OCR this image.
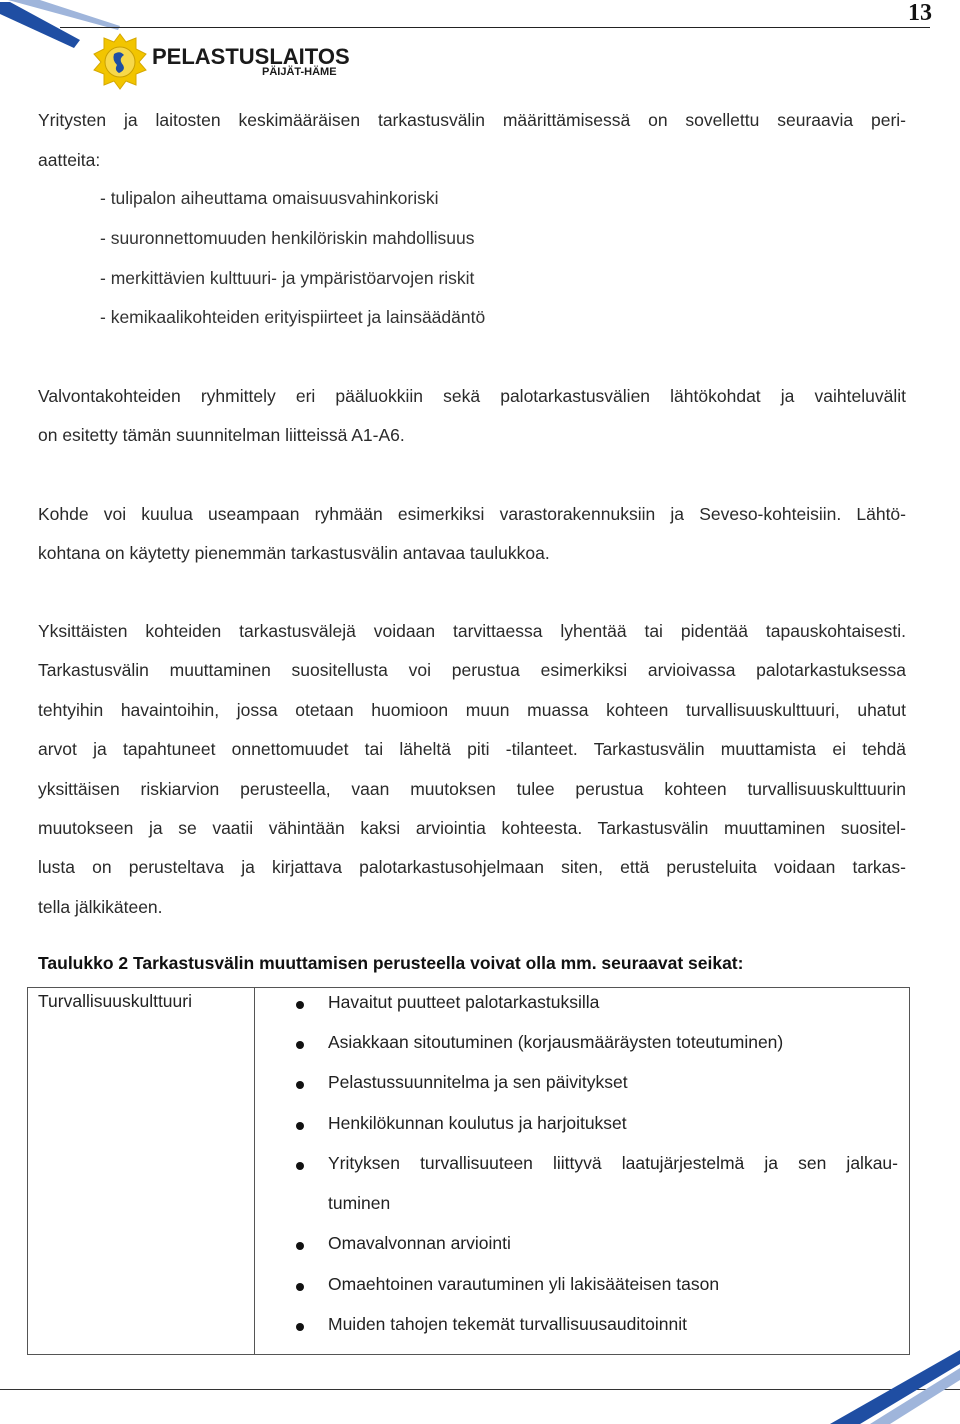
13
PELASTUSLAITOS
PÄIJÄT-HÄME
Yritysten ja laitosten keskimääräisen tarkastusvälin määrittämisessä on sovellettu seuraavia peri-
aatteita:
- tulipalon aiheuttama omaisuusvahinkoriski
- suuronnettomuuden henkilöriskin mahdollisuus
- merkittävien kulttuuri- ja ympäristöarvojen riskit
- kemikaalikohteiden erityispiirteet ja lainsäädäntö
Valvontakohteiden ryhmittely eri pääluokkiin sekä palotarkastusvälien lähtökohdat ja vaihteluvälit
on esitetty tämän suunnitelman liitteissä A1-A6.
Kohde voi kuulua useampaan ryhmään esimerkiksi varastorakennuksiin ja Seveso-kohteisiin. Lähtö-
kohtana on käytetty pienemmän tarkastusvälin antavaa taulukkoa.
Yksittäisten kohteiden tarkastusvälejä voidaan tarvittaessa lyhentää tai pidentää tapauskohtaisesti.
Tarkastusvälin muuttaminen suositellusta voi perustua esimerkiksi arvioivassa palotarkastuksessa
tehtyihin havaintoihin, jossa otetaan huomioon muun muassa kohteen turvallisuuskulttuuri, uhatut
arvot ja tapahtuneet onnettomuudet tai läheltä piti -tilanteet. Tarkastusvälin muuttamista ei tehdä
yksittäisen riskiarvion perusteella, vaan muutoksen tulee perustua kohteen turvallisuuskulttuurin
muutokseen ja se vaatii vähintään kaksi arviointia kohteesta. Tarkastusvälin muuttaminen suositel-
lusta on perusteltava ja kirjattava palotarkastusohjelmaan siten, että perusteluita voidaan tarkas-
tella jälkikäteen.
Taulukko 2 Tarkastusvälin muuttamisen perusteella voivat olla mm. seuraavat seikat:
Turvallisuuskulttuuri	Havaitut puutteet palotarkastuksilla
Asiakkaan sitoutuminen (korjausmääräysten toteutuminen)
Pelastussuunnitelma ja sen päivitykset
Henkilökunnan koulutus ja harjoitukset
Yrityksen turvallisuuteen liittyvä laatujärjestelmä ja sen jalkau-
tuminen
Omavalvonnan arviointi
Omaehtoinen varautuminen yli lakisääteisen tason
Muiden tahojen tekemät turvallisuusauditoinnit
